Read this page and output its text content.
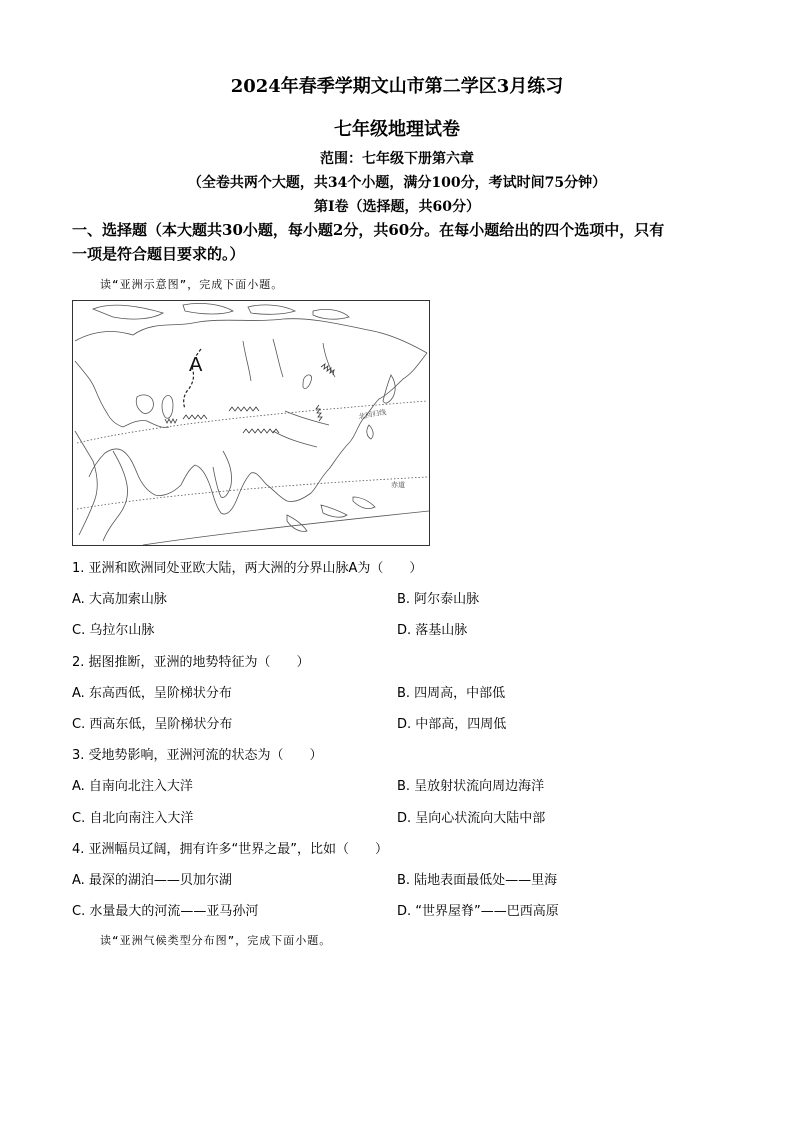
2024年春季学期文山市第二学区3月练习
七年级地理试卷
范围：七年级下册第六章
（全卷共两个大题，共34个小题，满分100分，考试时间75分钟）
第Ⅰ卷（选择题，共60分）
一、选择题（本大题共30小题，每小题2分，共60分。在每小题给出的四个选项中，只有
一项是符合题目要求的。）
读“亚洲示意图”，完成下面小题。
A
北回归线
赤道
1. 亚洲和欧洲同处亚欧大陆，两大洲的分界山脉A为（　　）
A. 大高加索山脉	B. 阿尔泰山脉
C. 乌拉尔山脉	D. 落基山脉
2. 据图推断，亚洲的地势特征为（　　）
A. 东高西低，呈阶梯状分布	B. 四周高，中部低
C. 西高东低，呈阶梯状分布	D. 中部高，四周低
3. 受地势影响，亚洲河流的状态为（　　）
A. 自南向北注入大洋	B. 呈放射状流向周边海洋
C. 自北向南注入大洋	D. 呈向心状流向大陆中部
4. 亚洲幅员辽阔，拥有许多“世界之最”，比如（　　）
A. 最深的湖泊——贝加尔湖	B. 陆地表面最低处——里海
C. 水量最大的河流——亚马孙河	D. “世界屋脊”——巴西高原
读“亚洲气候类型分布图”，完成下面小题。
